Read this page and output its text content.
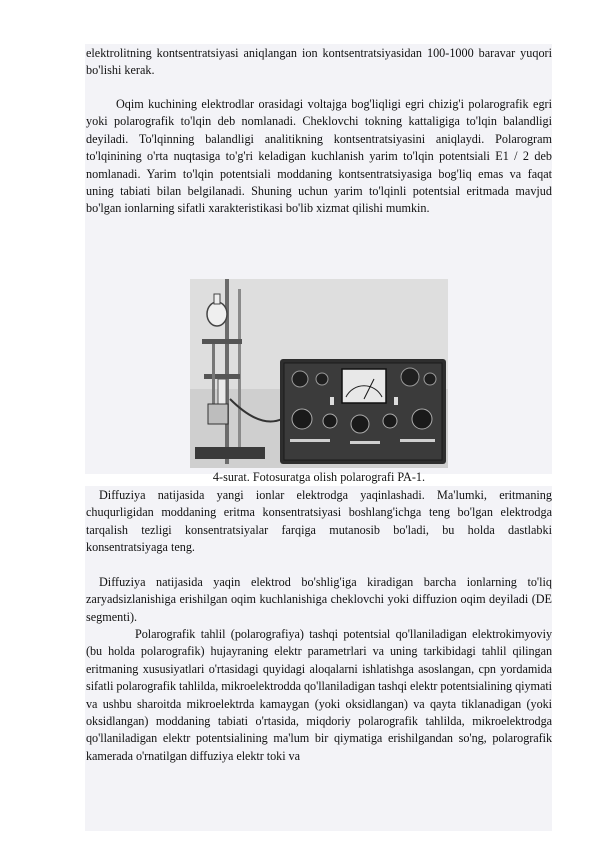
elektrolitning kontsentratsiyasi aniqlangan ion kontsentratsiyasidan 100-1000 baravar yuqori bo'lishi kerak.

Oqim kuchining elektrodlar orasidagi voltajga bog'liqligi egri chizig'i polarografik egri yoki polarografik to'lqin deb nomlanadi. Cheklovchi tokning kattaligiga to'lqin balandligi deyiladi. To'lqinning balandligi analitikning kontsentratsiyasini aniqlaydi. Polarogram to'lqinining o'rta nuqtasiga to'g'ri keladigan kuchlanish yarim to'lqin potentsiali E1 / 2 deb nomlanadi. Yarim to'lqin potentsiali moddaning kontsentratsiyasiga bog'liq emas va faqat uning tabiati bilan belgilanadi. Shuning uchun yarim to'lqinli potentsial eritmada mavjud bo'lgan ionlarning sifatli xarakteristikasi bo'lib xizmat qilishi mumkin.

4-surat. Fotosuratga olish polarografi PA-1.

Diffuziya natijasida yangi ionlar elektrodga yaqinlashadi. Ma'lumki, eritmaning chuqurligidan moddaning eritma konsentratsiyasi boshlang'ichga teng bo'lgan elektrodga tarqalish tezligi konsentratsiyalar farqiga mutanosib bo'ladi, bu holda dastlabki konsentratsiyaga teng.

Diffuziya natijasida yaqin elektrod bo'shlig'iga kiradigan barcha ionlarning to'liq zaryadsizlanishiga erishilgan oqim kuchlanishiga cheklovchi yoki diffuzion oqim deyiladi (DE segmenti).

Polarografik tahlil (polarografiya) tashqi potentsial qo'llaniladigan elektrokimyoviy (bu holda polarografik) hujayraning elektr parametrlari va uning tarkibidagi tahlil qilingan eritmaning xususiyatlari o'rtasidagi quyidagi aloqalarni ishlatishga asoslangan, cpn yordamida sifatli polarografik tahlilda, mikroelektrodda qo'llaniladigan tashqi elektr potentsialining qiymati va ushbu sharoitda mikroelektrda kamaygan (yoki oksidlangan) va qayta tiklanadigan (yoki oksidlangan) moddaning tabiati o'rtasida, miqdoriy polarografik tahlilda, mikroelektrodga qo'llaniladigan elektr potentsialining ma'lum bir qiymatiga erishilgandan so'ng, polarografik kamerada o'rnatilgan diffuziya elektr toki va
